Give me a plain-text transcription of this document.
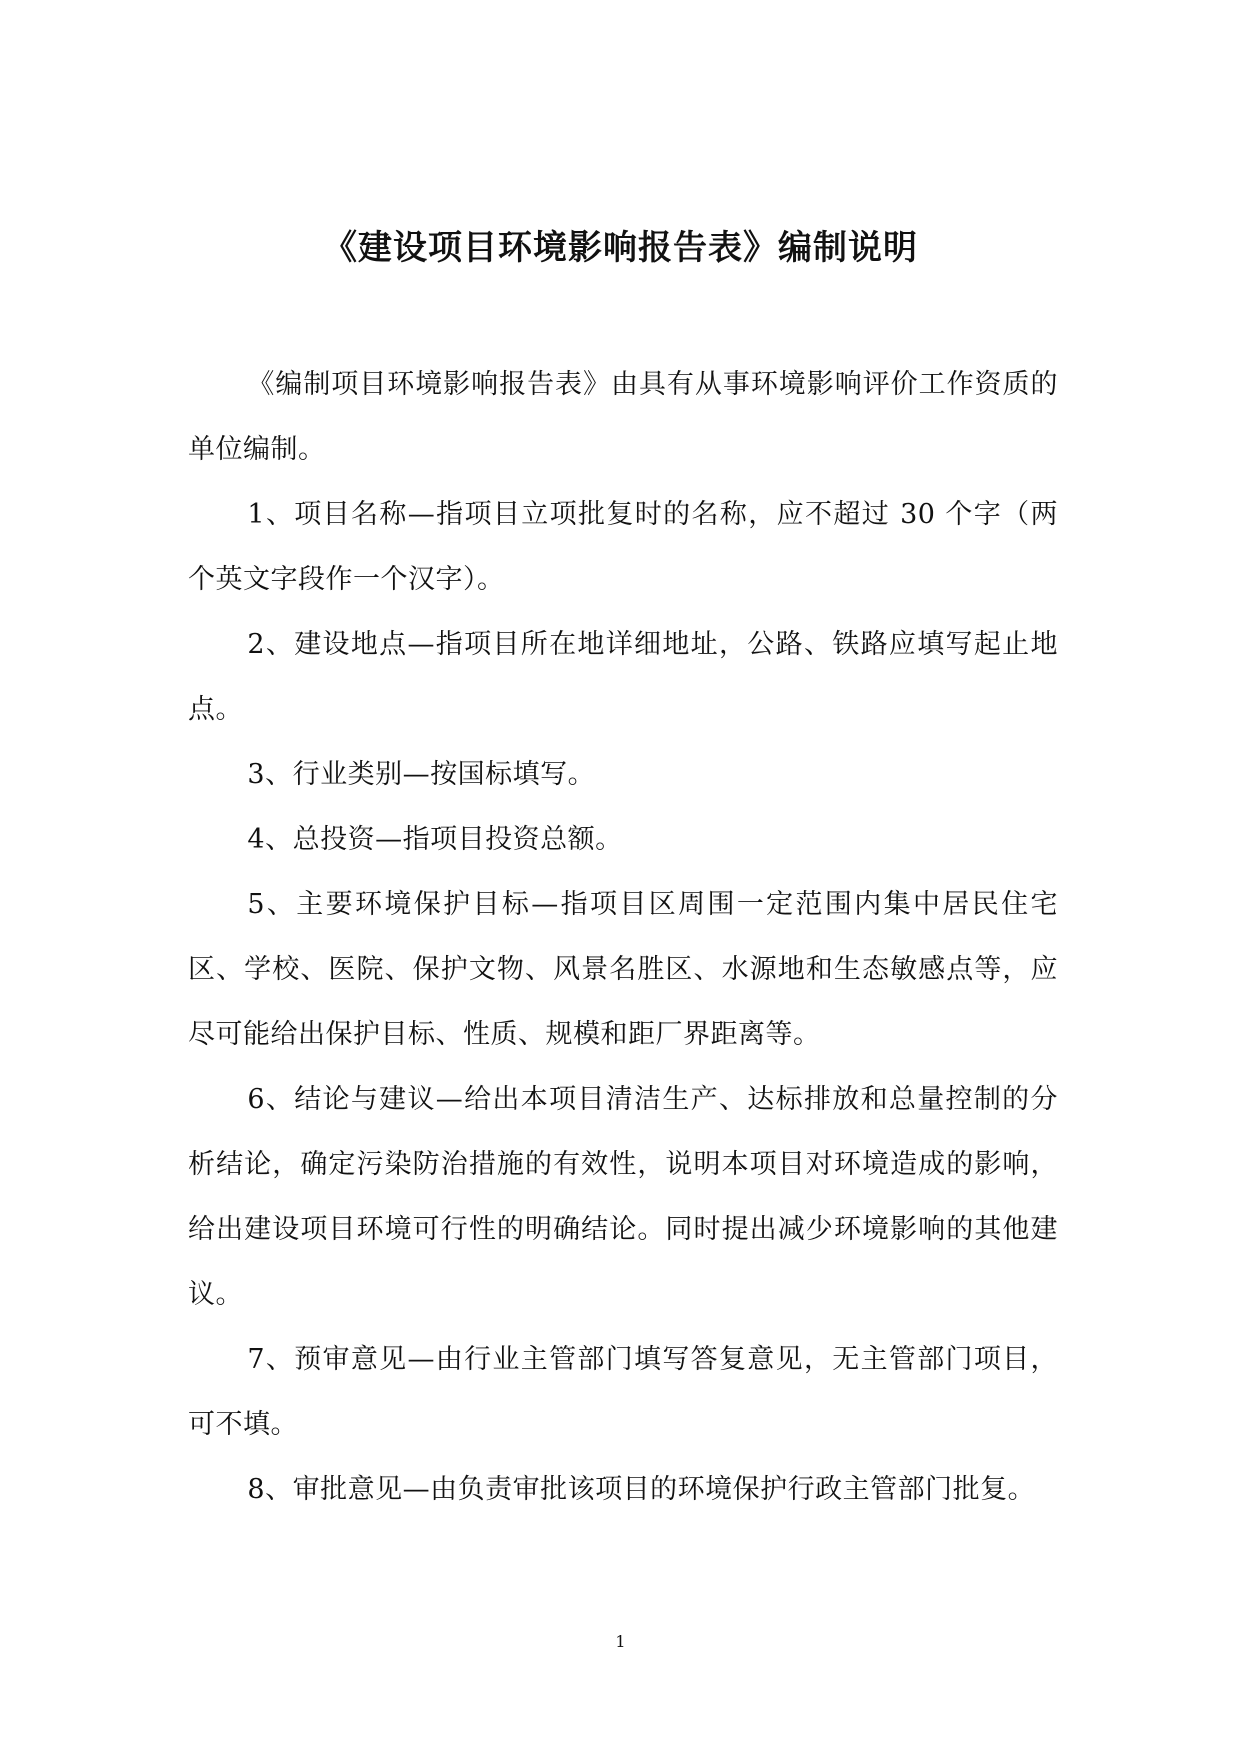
《建设项目环境影响报告表》编制说明

《编制项目环境影响报告表》由具有从事环境影响评价工作资质的单位编制。

1、项目名称—指项目立项批复时的名称，应不超过 30 个字（两个英文字段作一个汉字）。

2、建设地点—指项目所在地详细地址，公路、铁路应填写起止地点。

3、行业类别—按国标填写。

4、总投资—指项目投资总额。

5、主要环境保护目标—指项目区周围一定范围内集中居民住宅区、学校、医院、保护文物、风景名胜区、水源地和生态敏感点等，应尽可能给出保护目标、性质、规模和距厂界距离等。

6、结论与建议—给出本项目清洁生产、达标排放和总量控制的分析结论，确定污染防治措施的有效性，说明本项目对环境造成的影响，给出建设项目环境可行性的明确结论。同时提出减少环境影响的其他建议。

7、预审意见—由行业主管部门填写答复意见，无主管部门项目，可不填。

8、审批意见—由负责审批该项目的环境保护行政主管部门批复。

1
